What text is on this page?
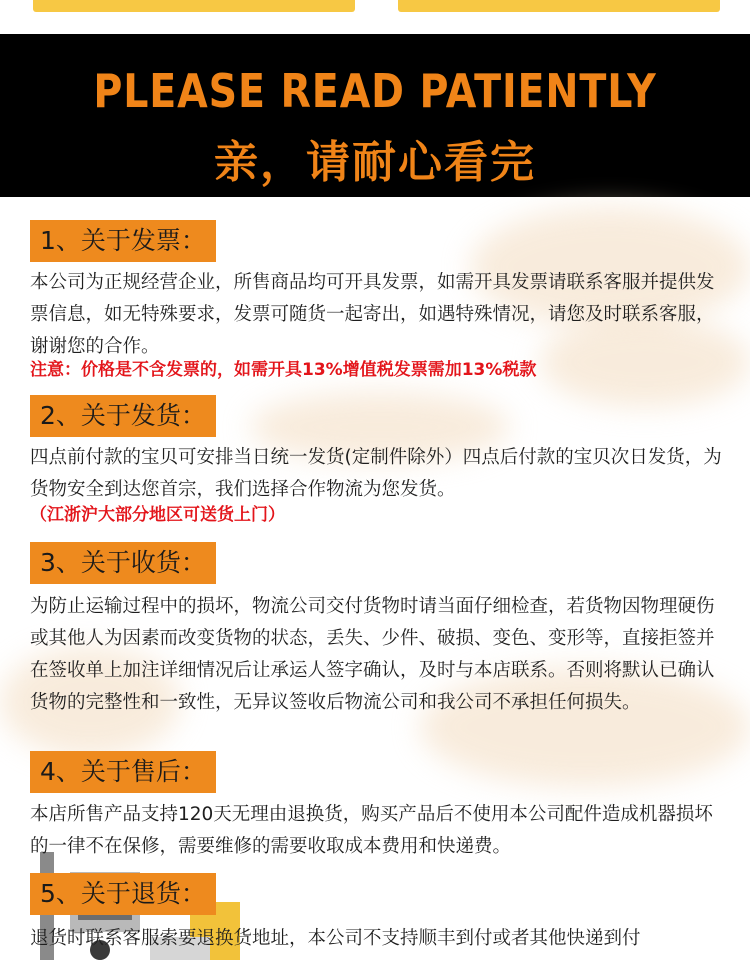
PLEASE READ PATIENTLY
亲，请耐心看完
1、关于发票：
本公司为正规经营企业，所售商品均可开具发票，如需开具发票请联系客服并提供发票信息，如无特殊要求，发票可随货一起寄出，如遇特殊情况，请您及时联系客服，谢谢您的合作。
注意：价格是不含发票的，如需开具13%增值税发票需加13%税款
2、关于发货：
四点前付款的宝贝可安排当日统一发货(定制件除外）四点后付款的宝贝次日发货，为货物安全到达您首宗，我们选择合作物流为您发货。
（江浙沪大部分地区可送货上门）
3、关于收货：
为防止运输过程中的损坏，物流公司交付货物时请当面仔细检查，若货物因物理硬伤或其他人为因素而改变货物的状态，丢失、少件、破损、变色、变形等，直接拒签并在签收单上加注详细情况后让承运人签字确认，及时与本店联系。否则将默认已确认货物的完整性和一致性，无异议签收后物流公司和我公司不承担任何损失。
4、关于售后：
本店所售产品支持120天无理由退换货，购买产品后不使用本公司配件造成机器损坏的一律不在保修，需要维修的需要收取成本费用和快递费。
5、关于退货：
退货时联系客服索要退换货地址，本公司不支持顺丰到付或者其他快递到付
